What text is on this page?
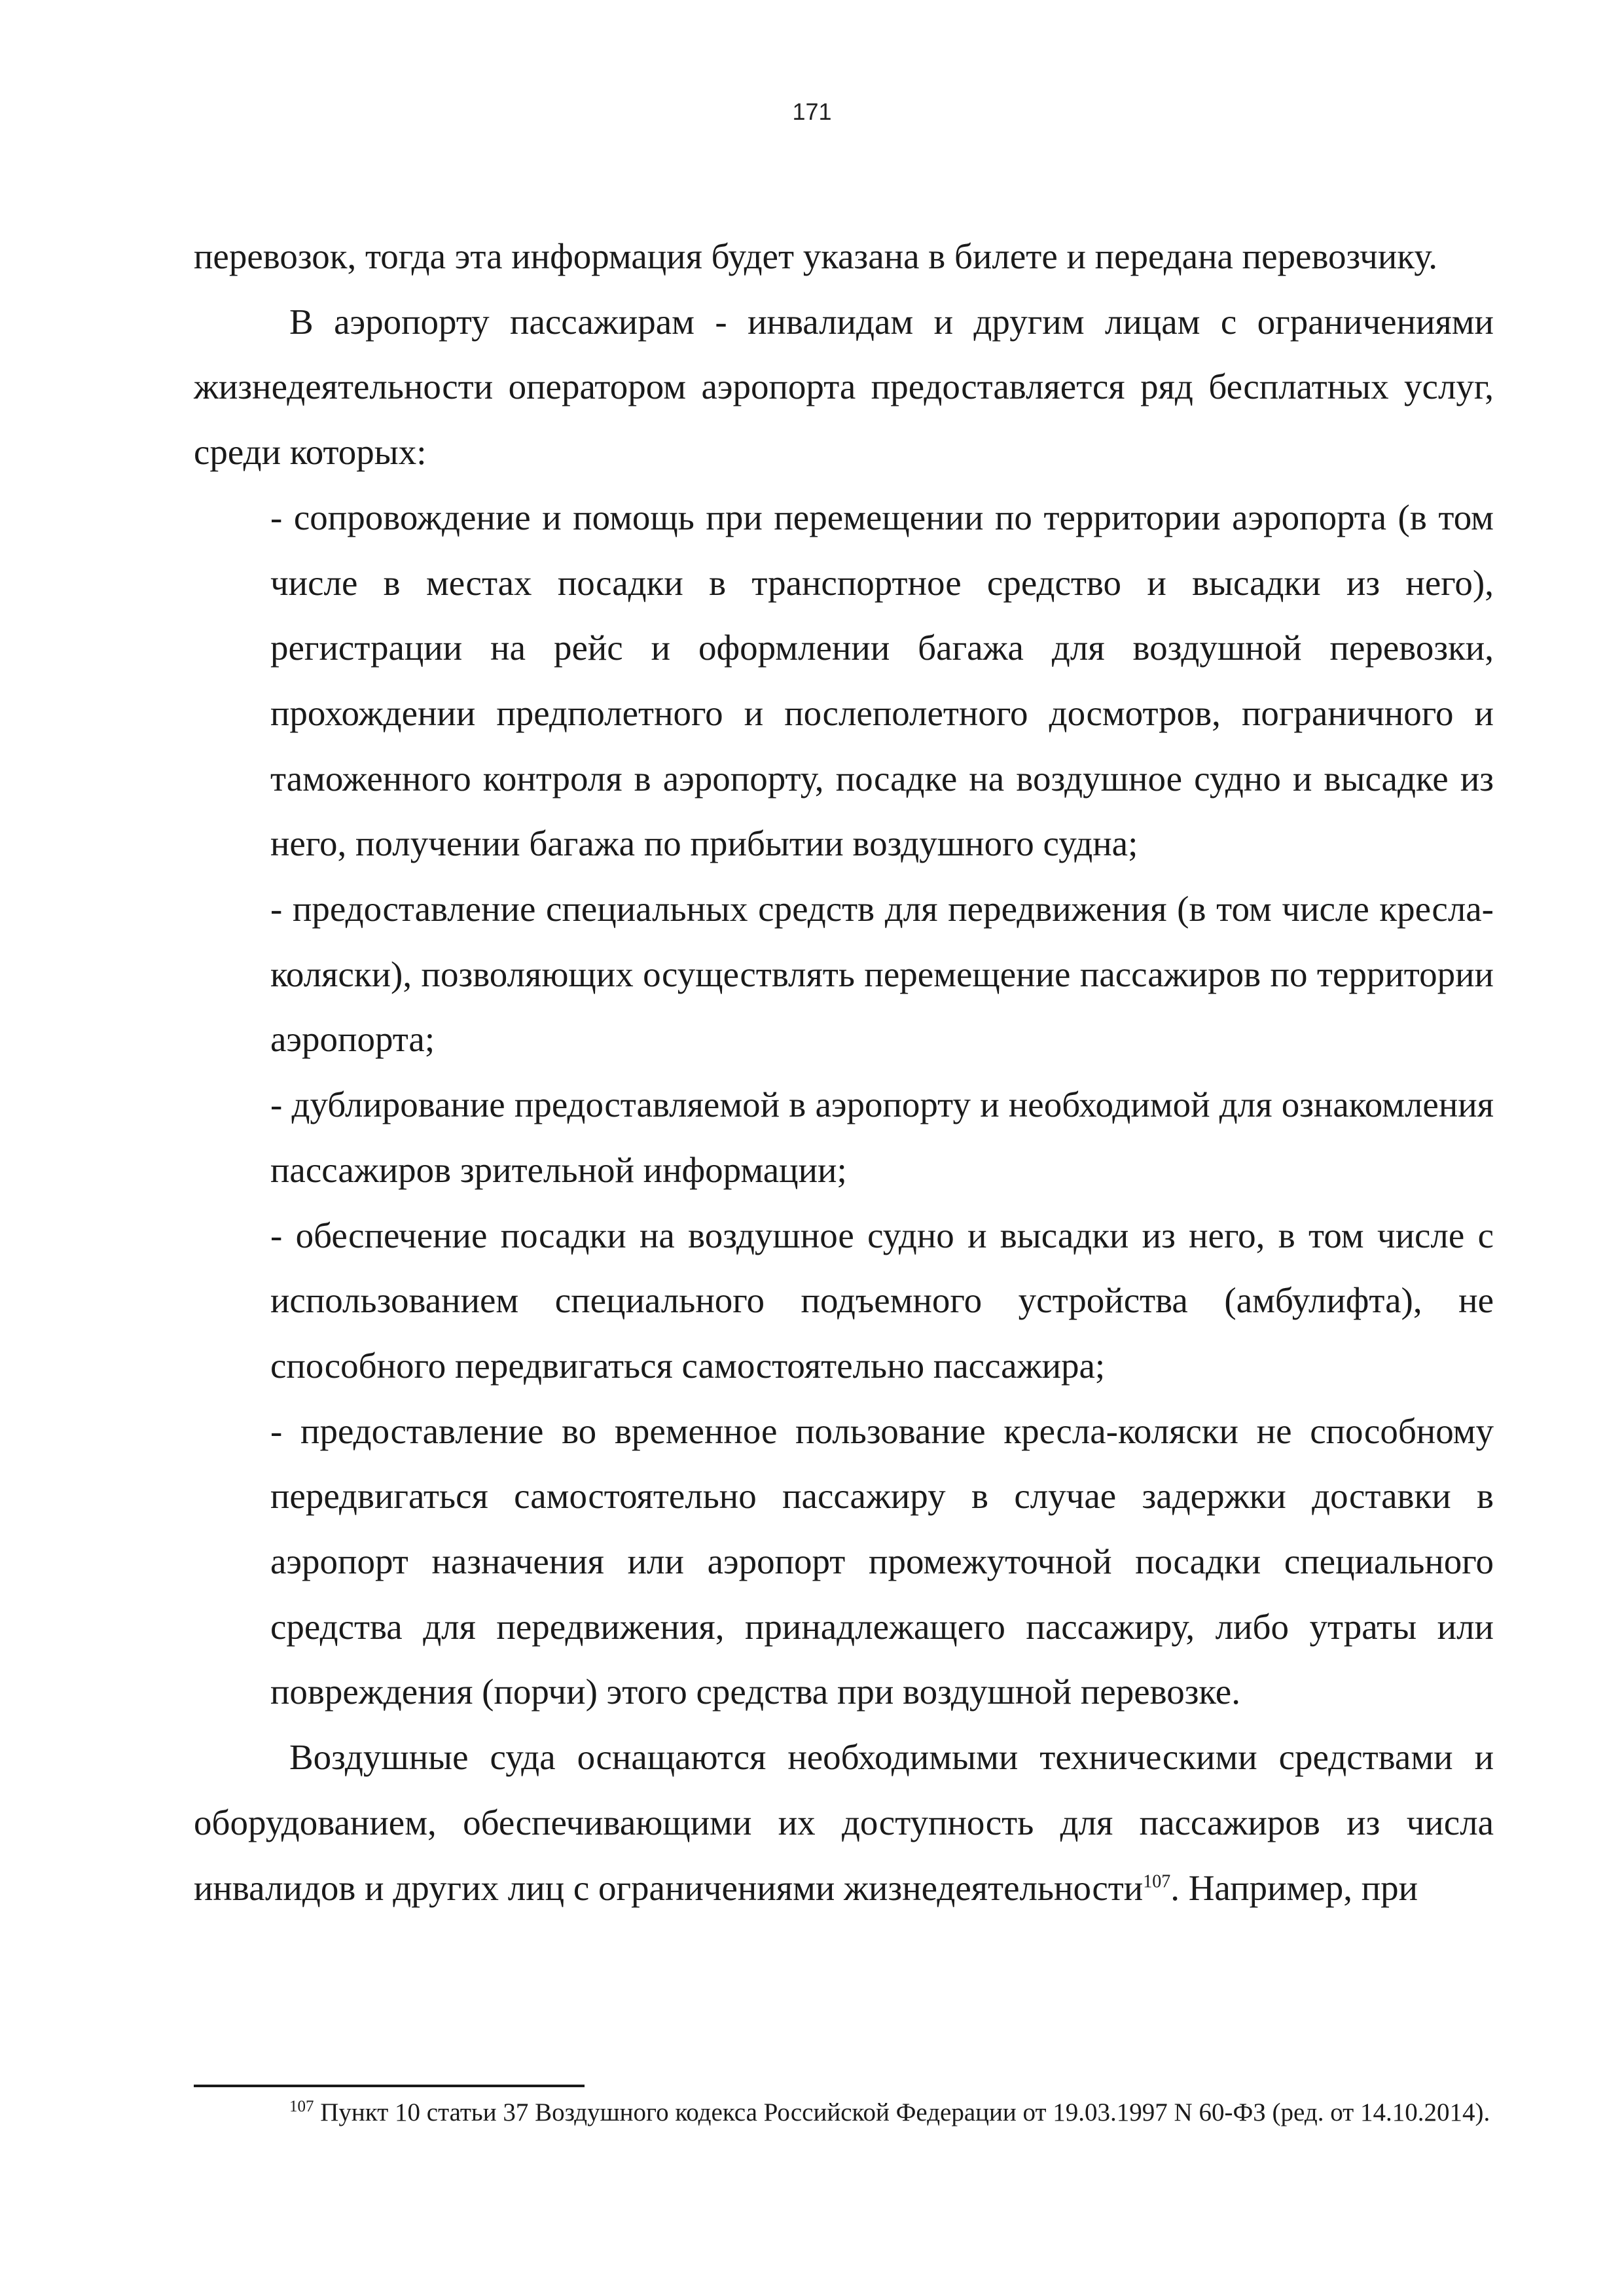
171

перевозок, тогда эта информация будет указана в билете и передана перевозчику.

В аэропорту пассажирам - инвалидам и другим лицам с ограничениями жизнедеятельности оператором аэропорта предоставляется ряд бесплатных услуг, среди которых:

- сопровождение и помощь при перемещении по территории аэропорта (в том числе в местах посадки в транспортное средство и высадки из него), регистрации на рейс и оформлении багажа для воздушной перевозки, прохождении предполетного и послеполетного досмотров, пограничного и таможенного контроля в аэропорту, посадке на воздушное судно и высадке из него, получении багажа по прибытии воздушного судна;

- предоставление специальных средств для передвижения (в том числе кресла-коляски), позволяющих осуществлять перемещение пассажиров по территории аэропорта;

- дублирование предоставляемой в аэропорту и необходимой для ознакомления пассажиров зрительной информации;

- обеспечение посадки на воздушное судно и высадки из него, в том числе с использованием специального подъемного устройства (амбулифта), не способного передвигаться самостоятельно пассажира;

- предоставление во временное пользование кресла-коляски не способному передвигаться самостоятельно пассажиру в случае задержки доставки в аэропорт назначения или аэропорт промежуточной посадки специального средства для передвижения, принадлежащего пассажиру, либо утраты или повреждения (порчи) этого средства при воздушной перевозке.

Воздушные суда оснащаются необходимыми техническими средствами и оборудованием, обеспечивающими их доступность для пассажиров из числа инвалидов и других лиц с ограничениями жизнедеятельности$^{107}$. Например, при

$^{107}$ Пункт 10 статьи 37 Воздушного кодекса Российской Федерации от 19.03.1997 N 60-ФЗ (ред. от 14.10.2014).
